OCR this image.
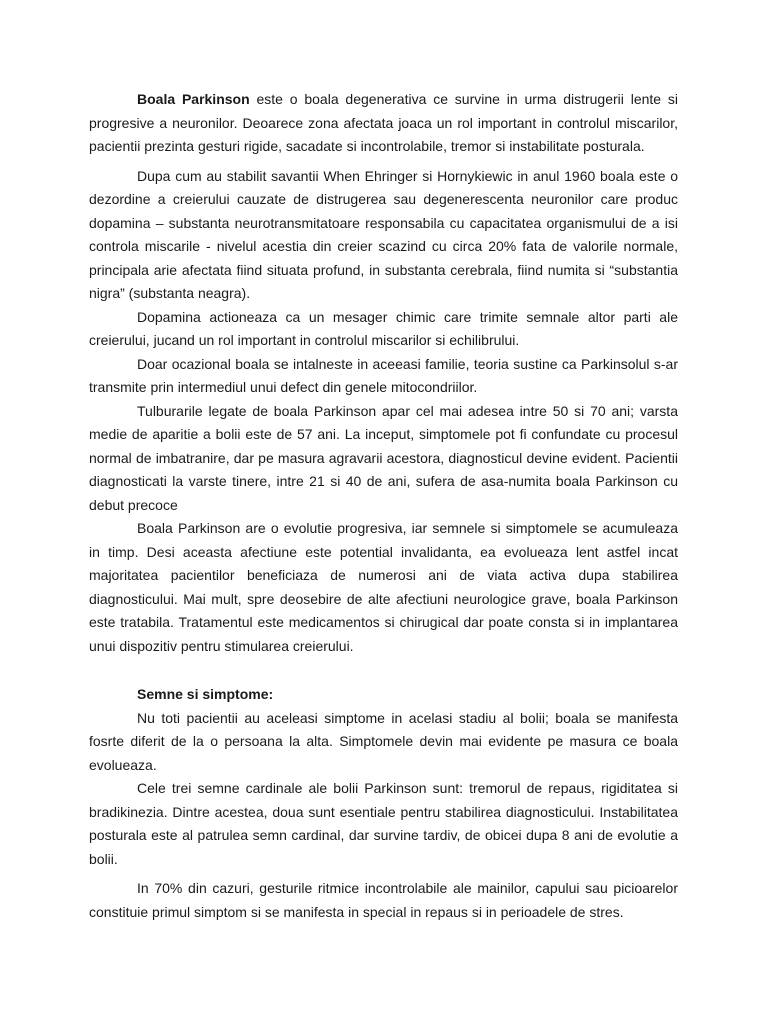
Boala Parkinson este o boala degenerativa ce survine in urma distrugerii lente si progresive a neuronilor. Deoarece zona afectata joaca un rol important in controlul miscarilor, pacientii prezinta gesturi rigide, sacadate si incontrolabile, tremor si instabilitate posturala.

Dupa cum au stabilit savantii When Ehringer si Hornykiewic in anul 1960 boala este o dezordine a creierului cauzate de distrugerea sau degenerescenta neuronilor care produc dopamina – substanta neurotransmitatoare responsabila cu capacitatea organismului de a isi controla miscarile - nivelul acestia din creier scazind cu circa 20% fata de valorile normale, principala arie afectata fiind situata profund, in substanta cerebrala, fiind numita si “substantia nigra” (substanta neagra).

Dopamina actioneaza ca un mesager chimic care trimite semnale altor parti ale creierului, jucand un rol important in controlul miscarilor si echilibrului.

Doar ocazional boala se intalneste in aceeasi familie, teoria sustine ca Parkinsolul s-ar transmite prin intermediul unui defect din genele mitocondriilor.

Tulburarile legate de boala Parkinson apar cel mai adesea intre 50 si 70 ani; varsta medie de aparitie a bolii este de 57 ani. La inceput, simptomele pot fi confundate cu procesul normal de imbatranire, dar pe masura agravarii acestora, diagnosticul devine evident. Pacientii diagnosticati la varste tinere, intre 21 si 40 de ani, sufera de asa-numita boala Parkinson cu debut precoce

Boala Parkinson are o evolutie progresiva, iar semnele si simptomele se acumuleaza in timp. Desi aceasta afectiune este potential invalidanta, ea evolueaza lent astfel incat majoritatea pacientilor beneficiaza de numerosi ani de viata activa dupa stabilirea diagnosticului. Mai mult, spre deosebire de alte afectiuni neurologice grave, boala Parkinson este tratabila. Tratamentul este medicamentos si chirugical dar poate consta si in implantarea unui dispozitiv pentru stimularea creierului.

Semne si simptome:

Nu toti pacientii au aceleasi simptome in acelasi stadiu al bolii; boala se manifesta fosrte diferit de la o persoana la alta. Simptomele devin mai evidente pe masura ce boala evolueaza.

Cele trei semne cardinale ale bolii Parkinson sunt: tremorul de repaus, rigiditatea si bradikinezia. Dintre acestea, doua sunt esentiale pentru stabilirea diagnosticului. Instabilitatea posturala este al patrulea semn cardinal, dar survine tardiv, de obicei dupa 8 ani de evolutie a bolii.

In 70% din cazuri, gesturile ritmice incontrolabile ale mainilor, capului sau picioarelor constituie primul simptom si se manifesta in special in repaus si in perioadele de stres.
